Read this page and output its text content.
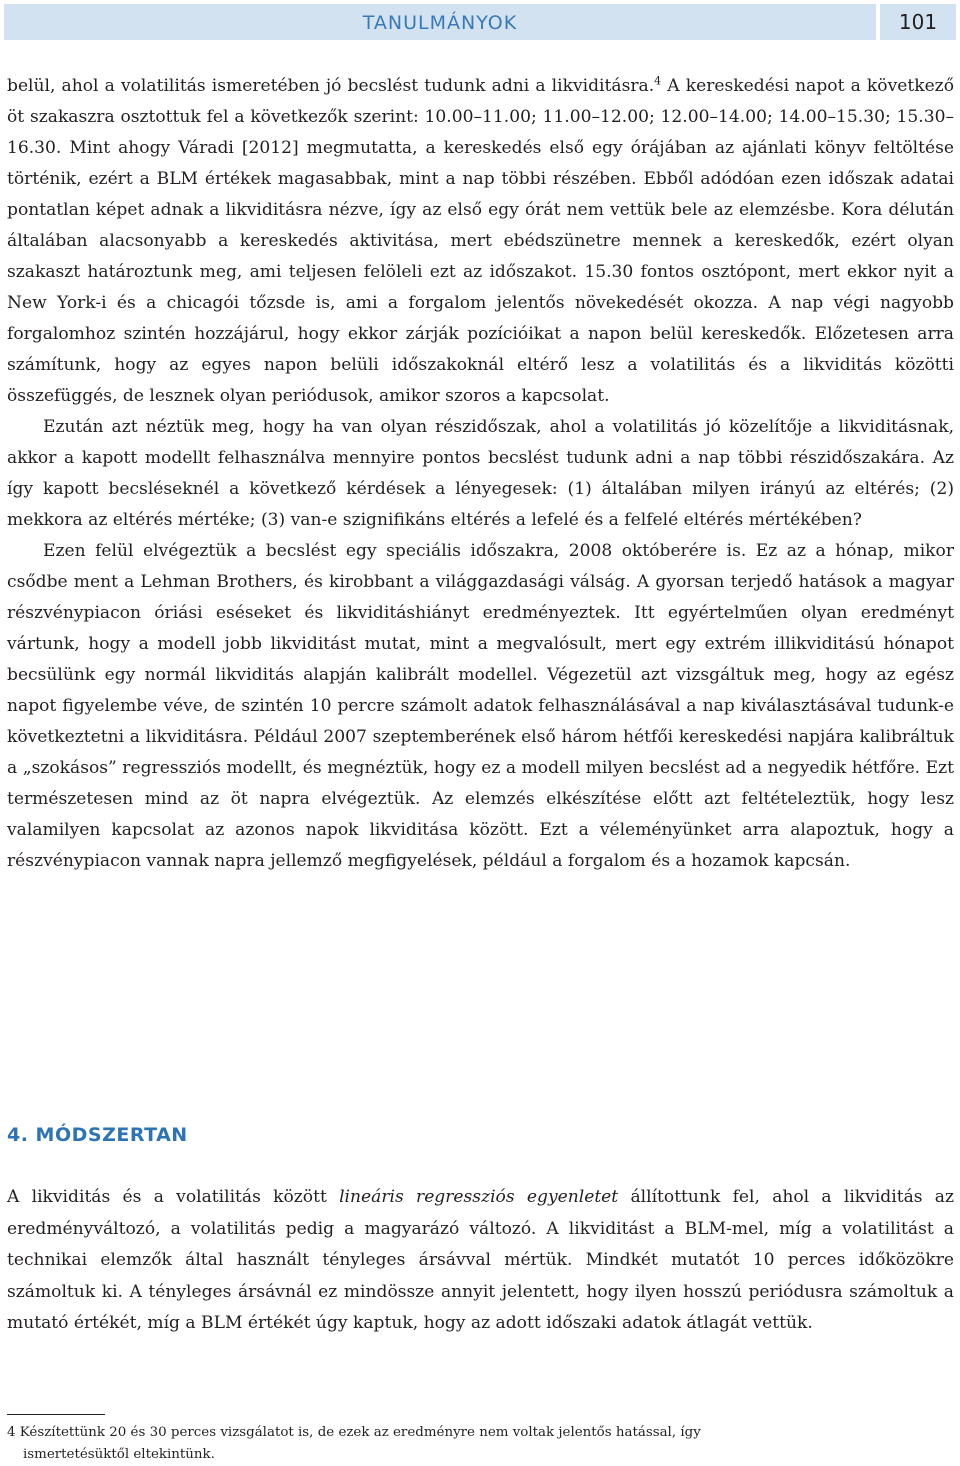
TANULMÁNYOK	101

belül, ahol a volatilitás ismeretében jó becslést tudunk adni a likviditásra.$^4$ A kereskedési napot a következő öt szakaszra osztottuk fel a következők szerint: 10.00–11.00; 11.00–12.00; 12.00–14.00; 14.00–15.30; 15.30–16.30. Mint ahogy Váradi [2012] megmutatta, a kereskedés első egy órájában az ajánlati könyv feltöltése történik, ezért a BLM értékek magasabbak, mint a nap többi részében. Ebből adódóan ezen időszak adatai pontatlan képet adnak a likviditásra nézve, így az első egy órát nem vettük bele az elemzésbe. Kora délután általában alacsonyabb a kereskedés aktivitása, mert ebédszünetre mennek a kereskedők, ezért olyan szakaszt határoztunk meg, ami teljesen felöleli ezt az időszakot. 15.30 fontos osztópont, mert ekkor nyit a New York-i és a chicagói tőzsde is, ami a forgalom jelentős növekedését okozza. A nap végi nagyobb forgalomhoz szintén hozzájárul, hogy ekkor zárják pozícióikat a napon belül kereskedők. Előzetesen arra számítunk, hogy az egyes napon belüli időszakoknál eltérő lesz a volatilitás és a likviditás közötti összefüggés, de lesznek olyan periódusok, amikor szoros a kapcsolat.

Ezután azt néztük meg, hogy ha van olyan részidőszak, ahol a volatilitás jó közelítője a likviditásnak, akkor a kapott modellt felhasználva mennyire pontos becslést tudunk adni a nap többi részidőszakára. Az így kapott becsléseknél a következő kérdések a lényegesek: (1) általában milyen irányú az eltérés; (2) mekkora az eltérés mértéke; (3) van-e szignifikáns eltérés a lefelé és a felfelé eltérés mértékében?

Ezen felül elvégeztük a becslést egy speciális időszakra, 2008 októberére is. Ez az a hónap, mikor csődbe ment a Lehman Brothers, és kirobbant a világgazdasági válság. A gyorsan terjedő hatások a magyar részvénypiacon óriási eséseket és likviditáshiányt eredményeztek. Itt egyértelműen olyan eredményt vártunk, hogy a modell jobb likviditást mutat, mint a megvalósult, mert egy extrém illikviditású hónapot becsülünk egy normál likviditás alapján kalibrált modellel. Végezetül azt vizsgáltuk meg, hogy az egész napot figyelembe véve, de szintén 10 percre számolt adatok felhasználásával a nap kiválasztásával tudunk-e következtetni a likviditásra. Például 2007 szeptemberének első három hétfői kereskedési napjára kalibráltuk a „szokásos” regressziós modellt, és megnéztük, hogy ez a modell milyen becslést ad a negyedik hétfőre. Ezt természetesen mind az öt napra elvégeztük. Az elemzés elkészítése előtt azt feltételeztük, hogy lesz valamilyen kapcsolat az azonos napok likviditása között. Ezt a véleményünket arra alapoztuk, hogy a részvénypiacon vannak napra jellemző megfigyelések, például a forgalom és a hozamok kapcsán.

4. MÓDSZERTAN

A likviditás és a volatilitás között lineáris regressziós egyenletet állítottunk fel, ahol a likviditás az eredményváltozó, a volatilitás pedig a magyarázó változó. A likviditást a BLM-mel, míg a volatilitást a technikai elemzők által használt tényleges ársávval mértük. Mindkét mutatót 10 perces időközökre számoltuk ki. A tényleges ársávnál ez mindössze annyit jelentett, hogy ilyen hosszú periódusra számoltuk a mutató értékét, míg a BLM értékét úgy kaptuk, hogy az adott időszaki adatok átlagát vettük.

4 Készítettünk 20 és 30 perces vizsgálatot is, de ezek az eredményre nem voltak jelentős hatással, így
ismertetésüktől eltekintünk.
